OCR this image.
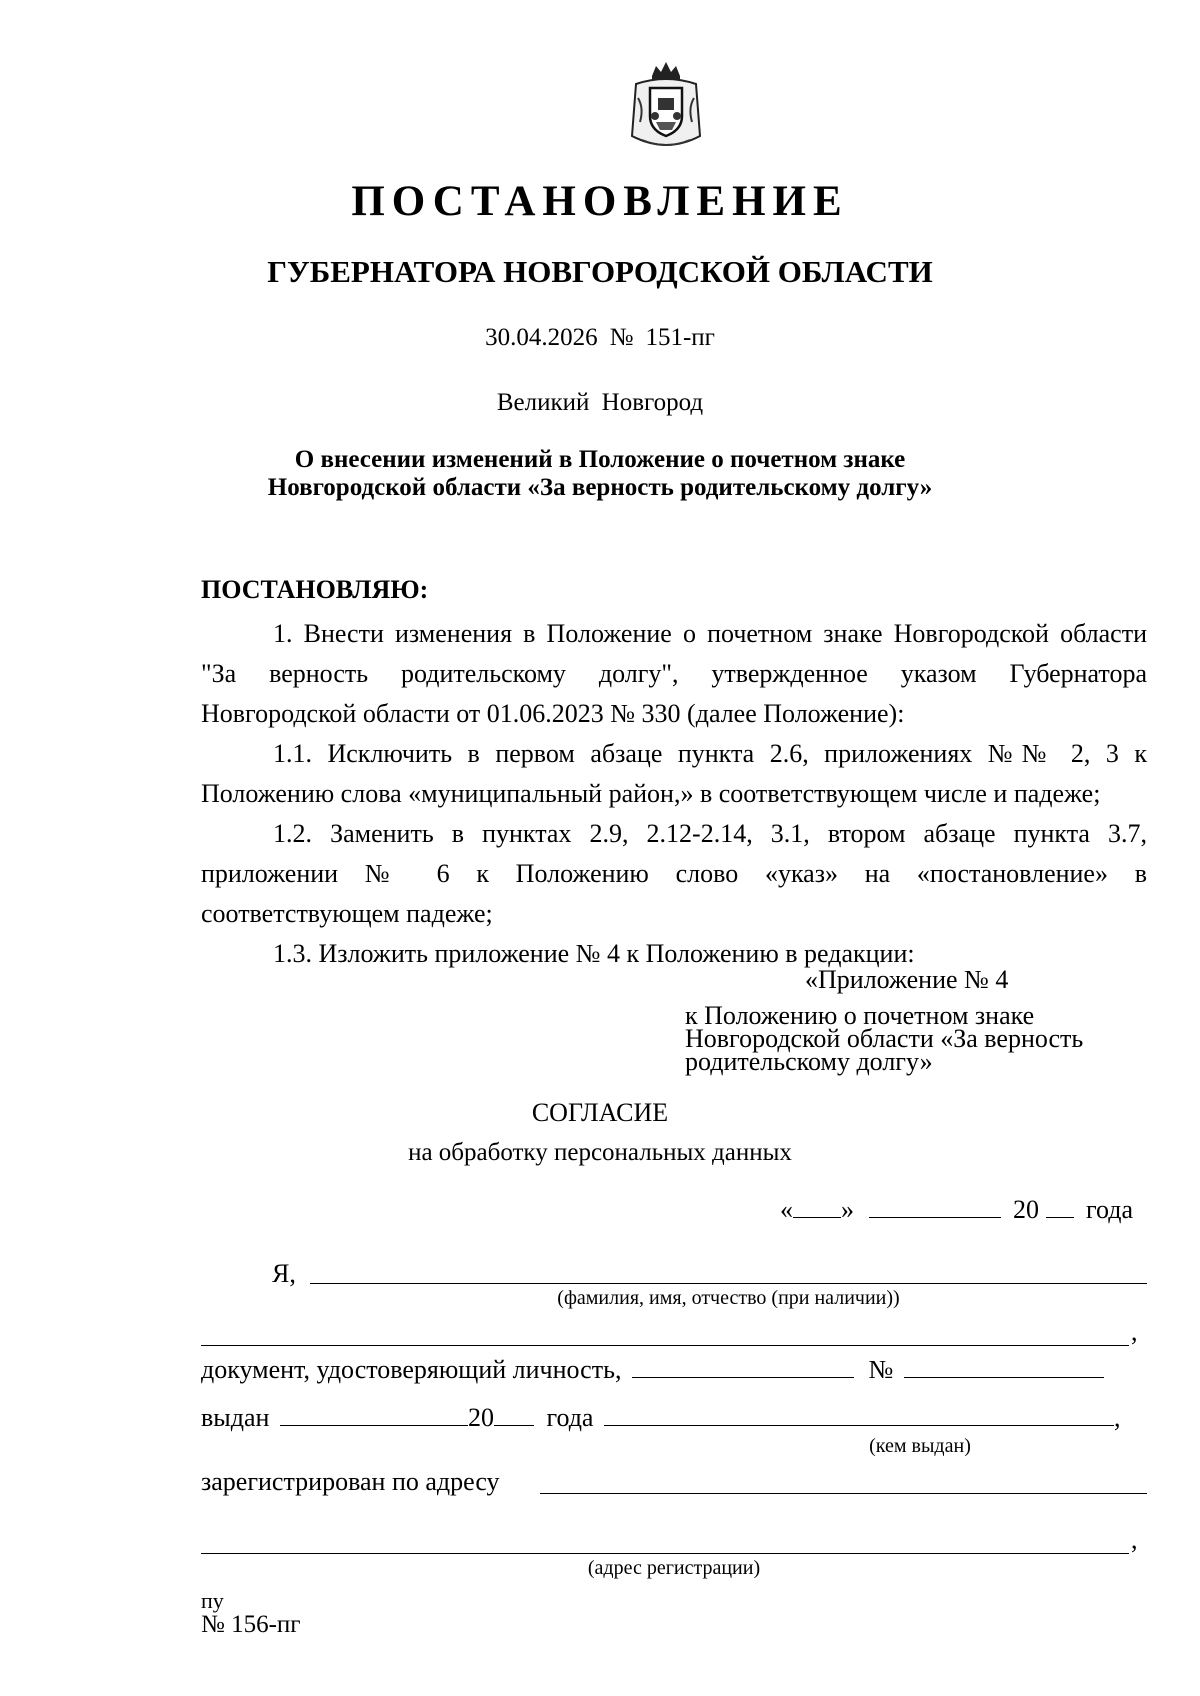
ПОСТАНОВЛЕНИЕ
ГУБЕРНАТОРА НОВГОРОДСКОЙ ОБЛАСТИ
30.04.2026 № 151-пг
Великий Новгород
О внесении изменений в Положение о почетном знаке
Новгородской области «За верность родительскому долгу»
ПОСТАНОВЛЯЮ:
1. Внести изменения в Положение о почетном знаке Новгородской области "За верность родительскому долгу", утвержденное указом Губернатора Новгородской области от 01.06.2023 № 330 (далее Положение):
1.1. Исключить в первом абзаце пункта 2.6, приложениях №№ 2, 3 к Положению слова «муниципальный район,» в соответствующем числе и падеже;
1.2. Заменить в пунктах 2.9, 2.12-2.14, 3.1, втором абзаце пункта 3.7, приложении № 6 к Положению слово «указ» на «постановление» в соответствующем падеже;
1.3. Изложить приложение № 4 к Положению в редакции:
«Приложение № 4
к Положению о почетном знаке
Новгородской области «За верность
родительскому долгу»
СОГЛАСИЕ
на обработку персональных данных
« »	20 года
Я,
(фамилия, имя, отчество (при наличии))
,
документ, удостоверяющий личность,	№
выдан	20 года	,
(кем выдан)
зарегистрирован по адресу
,
(адрес регистрации)
пу
№ 156-пг
